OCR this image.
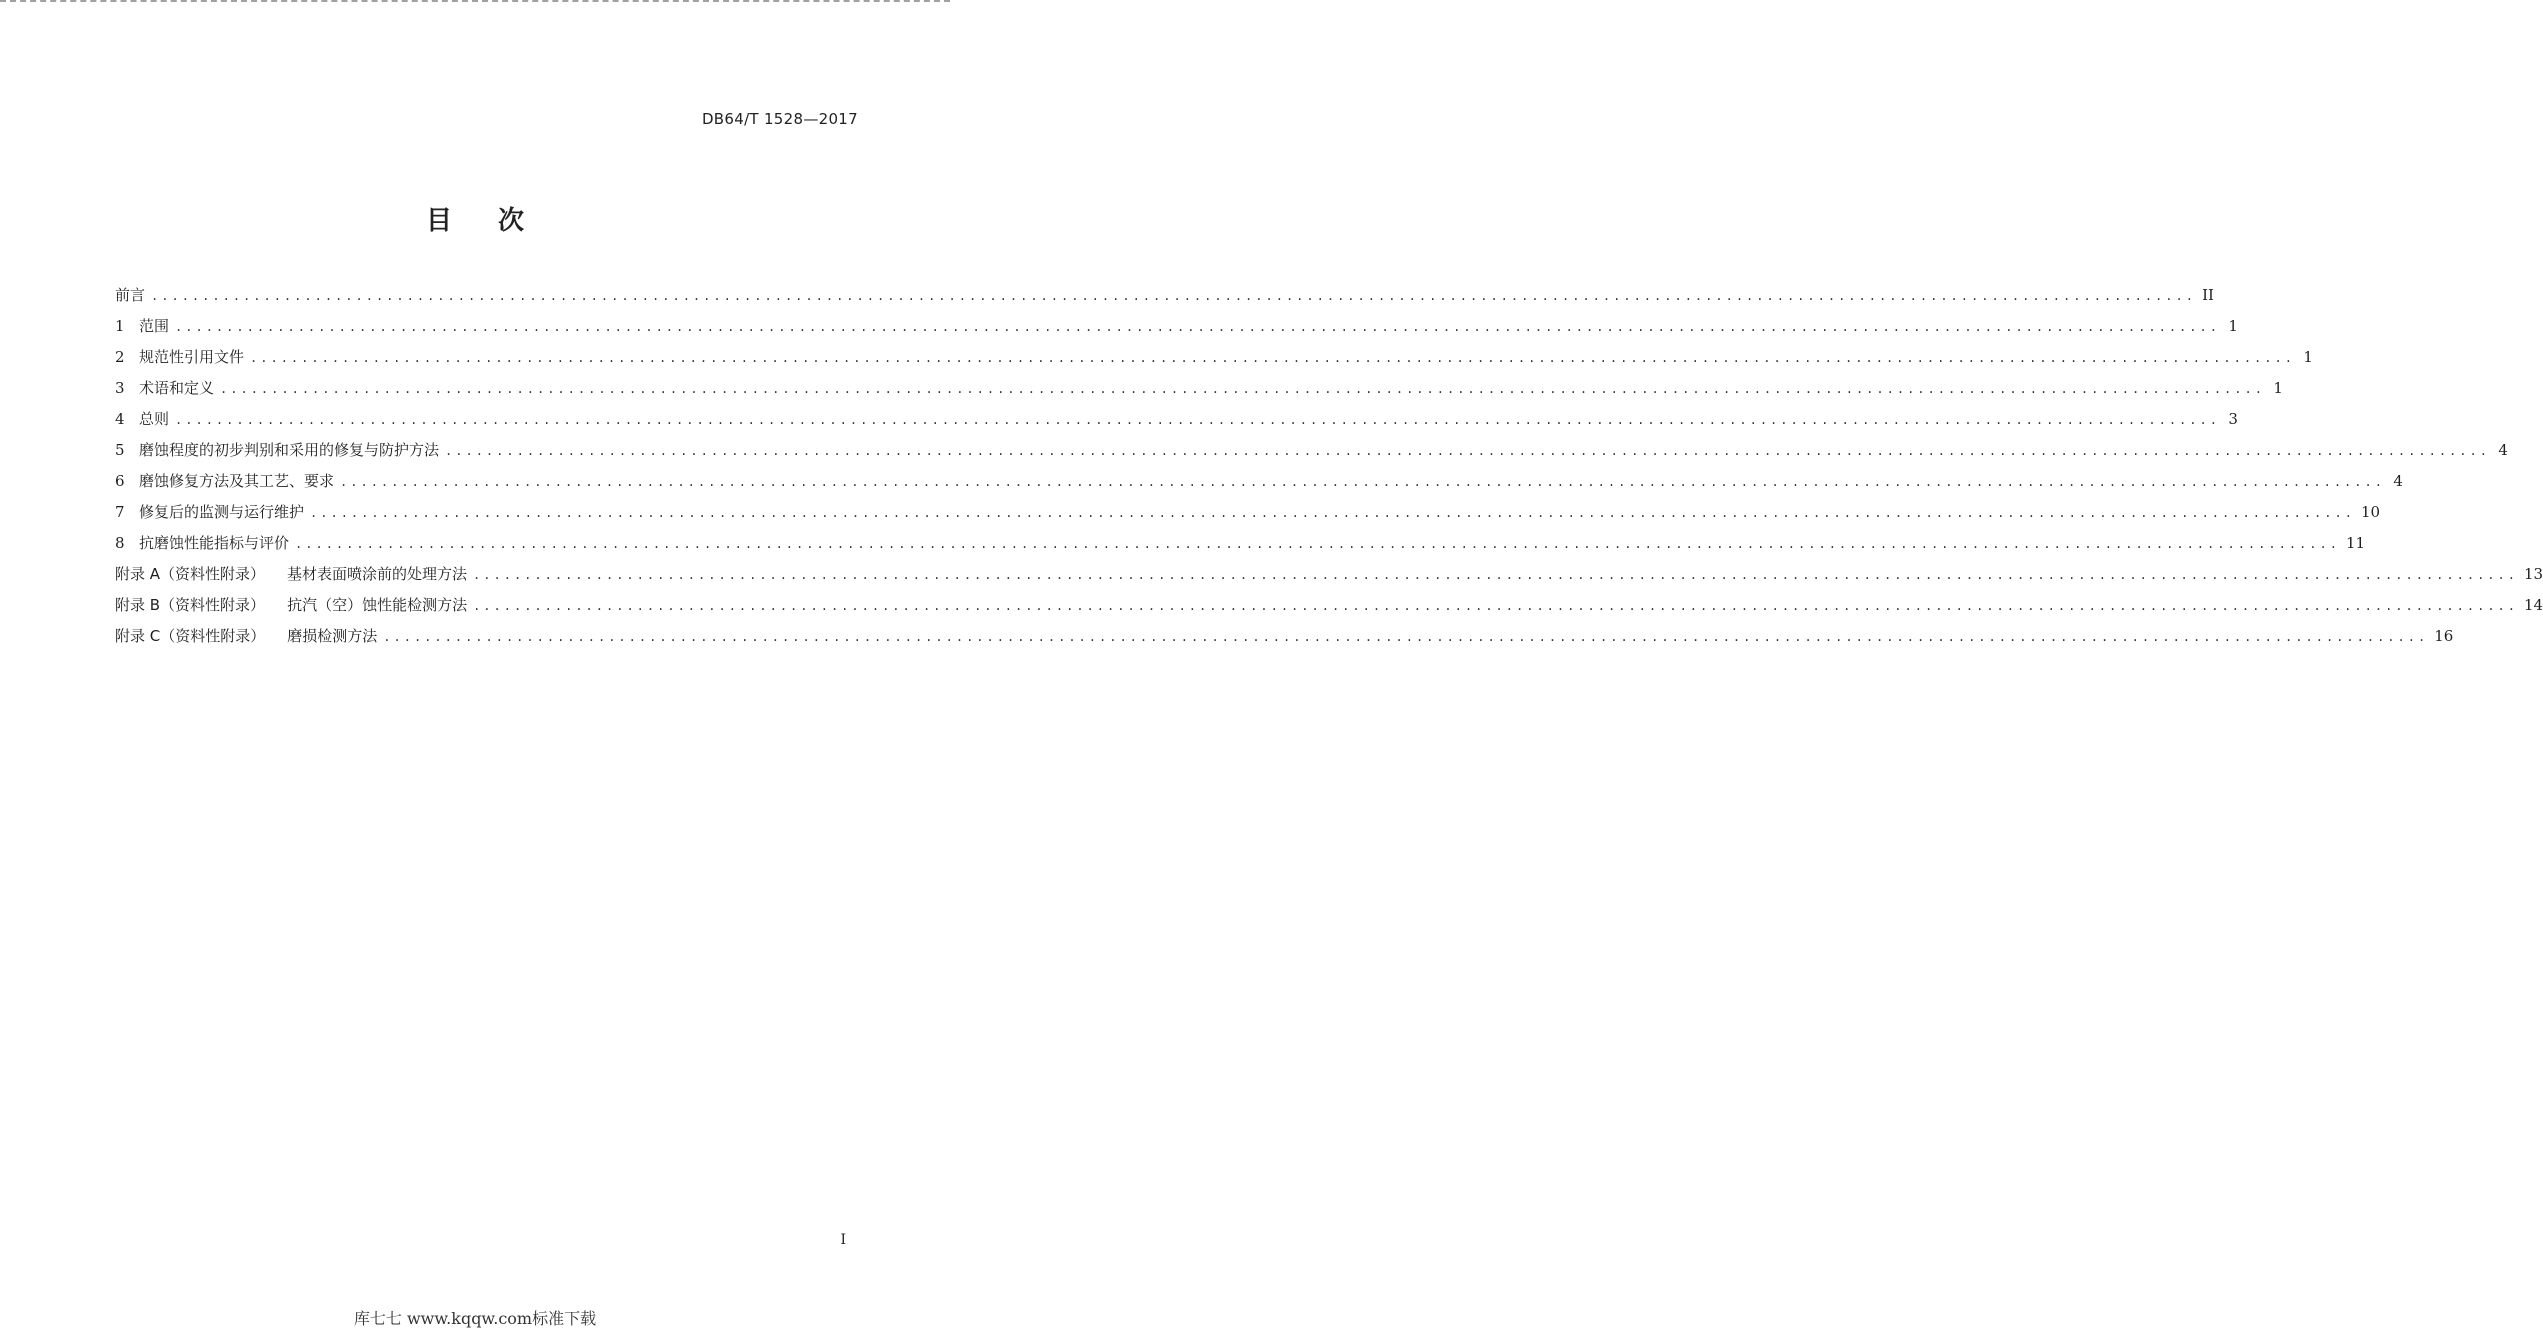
DB64/T 1528—2017
目 次
前言 ........................................................................................................................................................................................................ II
1 范围 ........................................................................................................................................................................................................ 1
2 规范性引用文件 ........................................................................................................................................................................................................ 1
3 术语和定义 ........................................................................................................................................................................................................ 1
4 总则 ........................................................................................................................................................................................................ 3
5 磨蚀程度的初步判别和采用的修复与防护方法 ........................................................................................................................................................................................................ 4
6 磨蚀修复方法及其工艺、要求 ........................................................................................................................................................................................................ 4
7 修复后的监测与运行维护 ........................................................................................................................................................................................................ 10
8 抗磨蚀性能指标与评价 ........................................................................................................................................................................................................ 11
附录 A（资料性附录） 基材表面喷涂前的处理方法 ........................................................................................................................................................................................................ 13
附录 B（资料性附录） 抗汽（空）蚀性能检测方法 ........................................................................................................................................................................................................ 14
附录 C（资料性附录） 磨损检测方法 ........................................................................................................................................................................................................ 16
I
库七七 www.kqqw.com标准下载
